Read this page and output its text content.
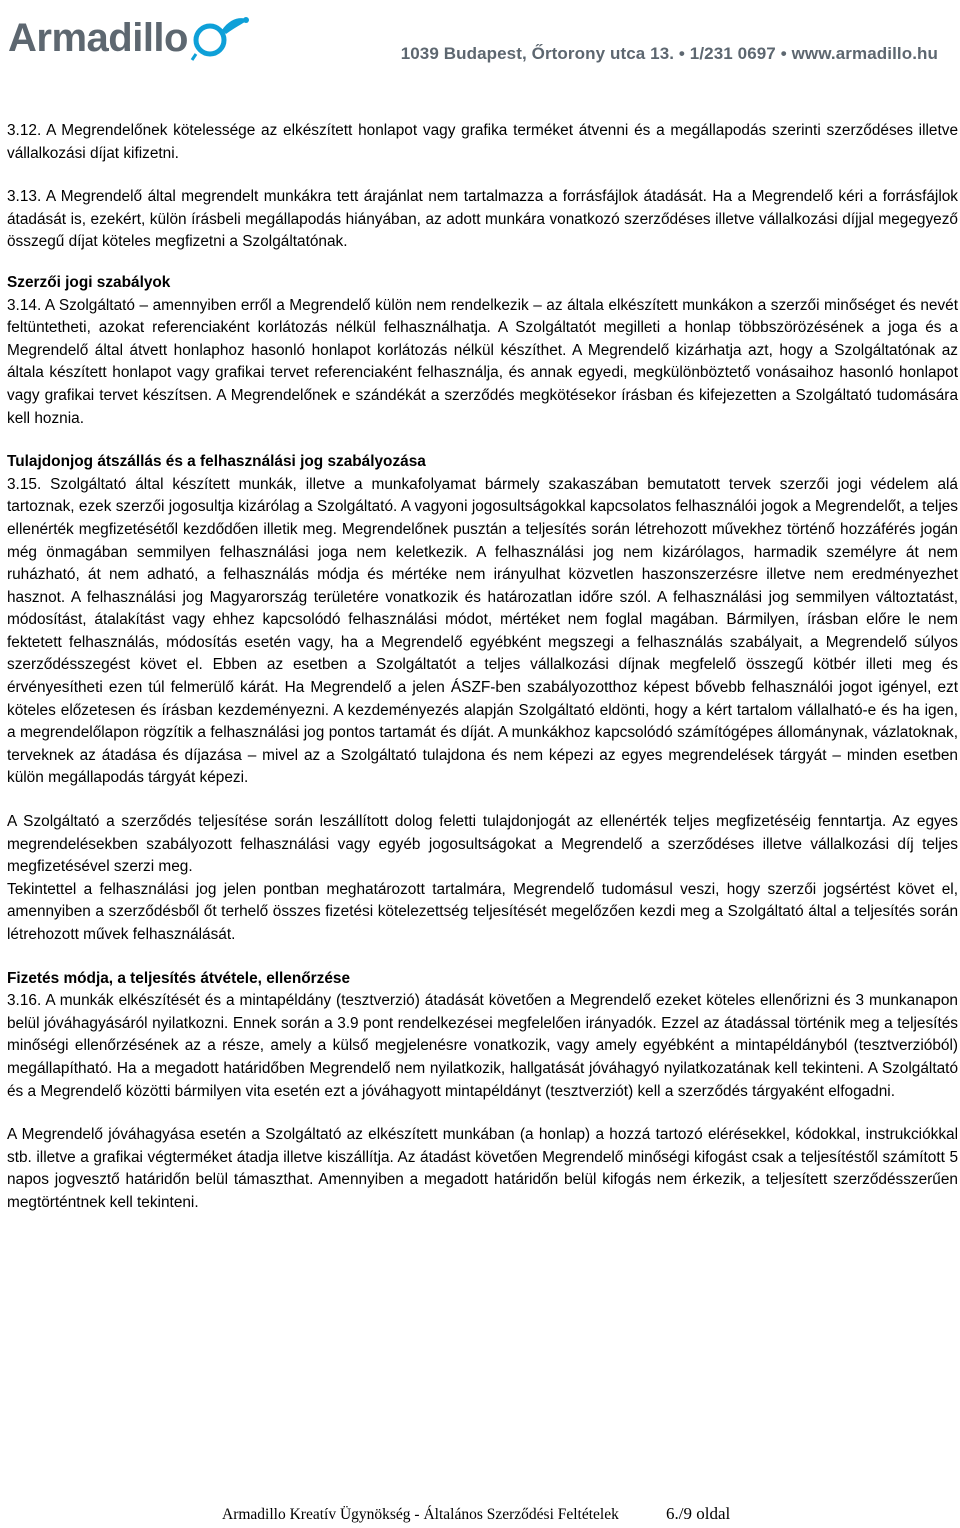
Armadillo	1039 Budapest, Őrtorony utca 13. • 1/231 0697 • www.armadillo.hu

3.12. A Megrendelőnek kötelessége az elkészített honlapot vagy grafika terméket átvenni és a megállapodás szerinti szerződéses illetve vállalkozási díjat kifizetni.

3.13. A Megrendelő által megrendelt munkákra tett árajánlat nem tartalmazza a forrásfájlok átadását. Ha a Megrendelő kéri a forrásfájlok átadását is, ezekért, külön írásbeli megállapodás hiányában, az adott munkára vonatkozó szerződéses illetve vállalkozási díjjal megegyező összegű díjat köteles megfizetni a Szolgáltatónak.

Szerzői jogi szabályok

3.14. A Szolgáltató – amennyiben erről a Megrendelő külön nem rendelkezik – az általa elkészített munkákon a szerzői minőséget és nevét feltüntetheti, azokat referenciaként korlátozás nélkül felhasználhatja. A Szolgáltatót megilleti a honlap többszörözésének a joga és a Megrendelő által átvett honlaphoz hasonló honlapot korlátozás nélkül készíthet. A Megrendelő kizárhatja azt, hogy a Szolgáltatónak az általa készített honlapot vagy grafikai tervet referenciaként felhasználja, és annak egyedi, megkülönböztető vonásaihoz hasonló honlapot vagy grafikai tervet készítsen. A Megrendelőnek e szándékát a szerződés megkötésekor írásban és kifejezetten a Szolgáltató tudomására kell hoznia.

Tulajdonjog átszállás és a felhasználási jog szabályozása

3.15. Szolgáltató által készített munkák, illetve a munkafolyamat bármely szakaszában bemutatott tervek szerzői jogi védelem alá tartoznak, ezek szerzői jogosultja kizárólag a Szolgáltató. A vagyoni jogosultságokkal kapcsolatos felhasználói jogok a Megrendelőt, a teljes ellenérték megfizetésétől kezdődően illetik meg. Megrendelőnek pusztán a teljesítés során létrehozott művekhez történő hozzáférés jogán még önmagában semmilyen felhasználási joga nem keletkezik. A felhasználási jog nem kizárólagos, harmadik személyre át nem ruházható, át nem adható, a felhasználás módja és mértéke nem irányulhat közvetlen haszonszerzésre illetve nem eredményezhet hasznot. A felhasználási jog Magyarország területére vonatkozik és határozatlan időre szól. A felhasználási jog semmilyen változtatást, módosítást, átalakítást vagy ehhez kapcsolódó felhasználási módot, mértéket nem foglal magában. Bármilyen, írásban előre le nem fektetett felhasználás, módosítás esetén vagy, ha a Megrendelő egyébként megszegi a felhasználás szabályait, a Megrendelő súlyos szerződésszegést követ el. Ebben az esetben a Szolgáltatót a teljes vállalkozási díjnak megfelelő összegű kötbér illeti meg és érvényesítheti ezen túl felmerülő kárát. Ha Megrendelő a jelen ÁSZF-ben szabályozotthoz képest bővebb felhasználói jogot igényel, ezt köteles előzetesen és írásban kezdeményezni. A kezdeményezés alapján Szolgáltató eldönti, hogy a kért tartalom vállalható-e és ha igen, a megrendelőlapon rögzítik a felhasználási jog pontos tartamát és díját. A munkákhoz kapcsolódó számítógépes állománynak, vázlatoknak, terveknek az átadása és díjazása – mivel az a Szolgáltató tulajdona és nem képezi az egyes megrendelések tárgyát – minden esetben külön megállapodás tárgyát képezi.

A Szolgáltató a szerződés teljesítése során leszállított dolog feletti tulajdonjogát az ellenérték teljes megfizetéséig fenntartja. Az egyes megrendelésekben szabályozott felhasználási vagy egyéb jogosultságokat a Megrendelő a szerződéses illetve vállalkozási díj teljes megfizetésével szerzi meg.

Tekintettel a felhasználási jog jelen pontban meghatározott tartalmára, Megrendelő tudomásul veszi, hogy szerzői jogsértést követ el, amennyiben a szerződésből őt terhelő összes fizetési kötelezettség teljesítését megelőzően kezdi meg a Szolgáltató által a teljesítés során létrehozott művek felhasználását.

Fizetés módja, a teljesítés átvétele, ellenőrzése

3.16. A munkák elkészítését és a mintapéldány (tesztverzió) átadását követően a Megrendelő ezeket köteles ellenőrizni és 3 munkanapon belül jóváhagyásáról nyilatkozni. Ennek során a 3.9 pont rendelkezései megfelelően irányadók. Ezzel az átadással történik meg a teljesítés minőségi ellenőrzésének az a része, amely a külső megjelenésre vonatkozik, vagy amely egyébként a mintapéldányból (tesztverzióból) megállapítható. Ha a megadott határidőben Megrendelő nem nyilatkozik, hallgatását jóváhagyó nyilatkozatának kell tekinteni. A Szolgáltató és a Megrendelő közötti bármilyen vita esetén ezt a jóváhagyott mintapéldányt (tesztverziót) kell a szerződés tárgyaként elfogadni.

A Megrendelő jóváhagyása esetén a Szolgáltató az elkészített munkában (a honlap) a hozzá tartozó elérésekkel, kódokkal, instrukciókkal stb. illetve a grafikai végterméket átadja illetve kiszállítja. Az átadást követően Megrendelő minőségi kifogást csak a teljesítéstől számított 5 napos jogvesztő határidőn belül támaszthat. Amennyiben a megadott határidőn belül kifogás nem érkezik, a teljesített szerződésszerűen megtörténtnek kell tekinteni.

Armadillo Kreatív Ügynökség - Általános Szerződési Feltételek	6./9 oldal
